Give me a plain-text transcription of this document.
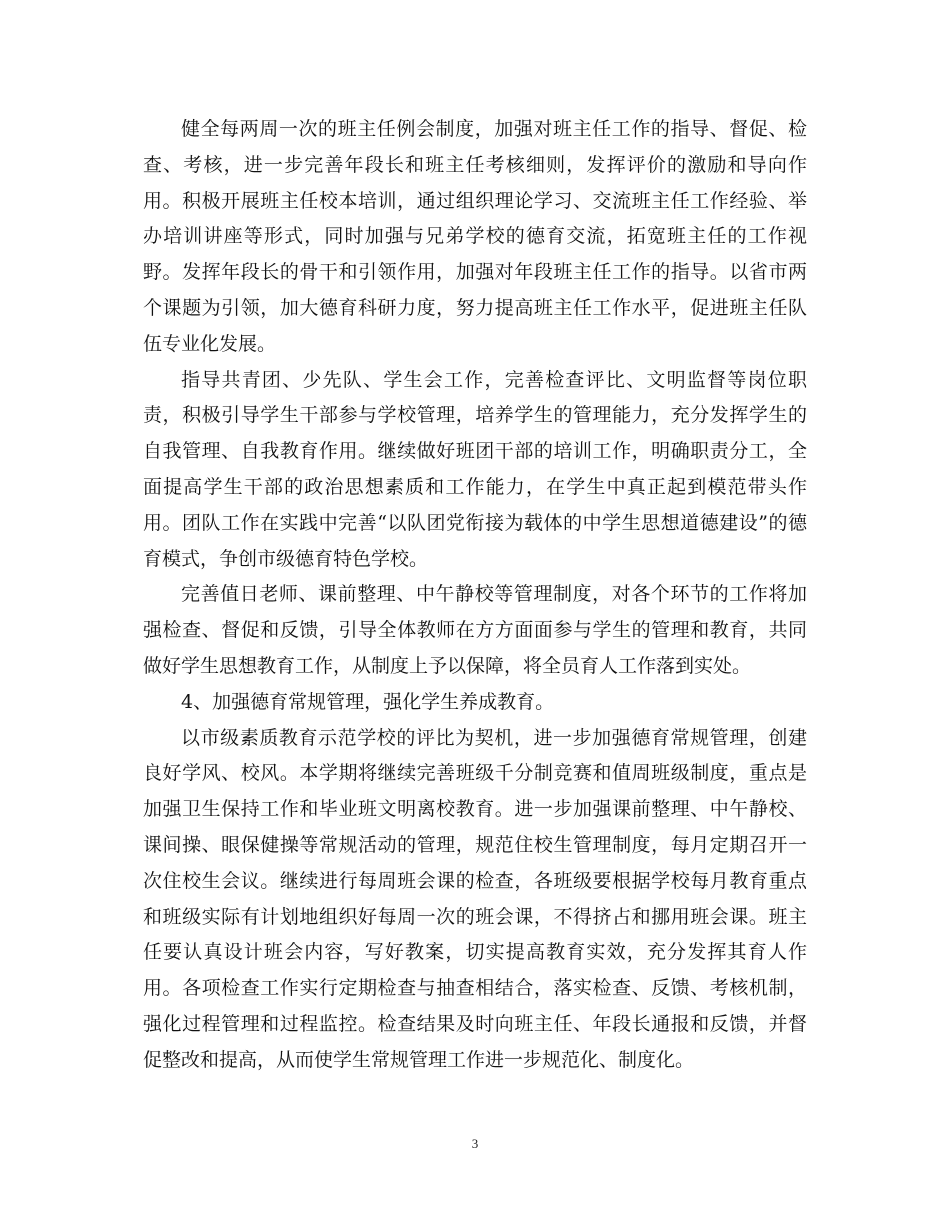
健全每两周一次的班主任例会制度，加强对班主任工作的指导、督促、检查、考核，进一步完善年段长和班主任考核细则，发挥评价的激励和导向作用。积极开展班主任校本培训，通过组织理论学习、交流班主任工作经验、举办培训讲座等形式，同时加强与兄弟学校的德育交流，拓宽班主任的工作视野。发挥年段长的骨干和引领作用，加强对年段班主任工作的指导。以省市两个课题为引领，加大德育科研力度，努力提高班主任工作水平，促进班主任队伍专业化发展。

指导共青团、少先队、学生会工作，完善检查评比、文明监督等岗位职责，积极引导学生干部参与学校管理，培养学生的管理能力，充分发挥学生的自我管理、自我教育作用。继续做好班团干部的培训工作，明确职责分工，全面提高学生干部的政治思想素质和工作能力，在学生中真正起到模范带头作用。团队工作在实践中完善“以队团党衔接为载体的中学生思想道德建设”的德育模式，争创市级德育特色学校。

完善值日老师、课前整理、中午静校等管理制度，对各个环节的工作将加强检查、督促和反馈，引导全体教师在方方面面参与学生的管理和教育，共同做好学生思想教育工作，从制度上予以保障，将全员育人工作落到实处。

4、加强德育常规管理，强化学生养成教育。

以市级素质教育示范学校的评比为契机，进一步加强德育常规管理，创建良好学风、校风。本学期将继续完善班级千分制竞赛和值周班级制度，重点是加强卫生保持工作和毕业班文明离校教育。进一步加强课前整理、中午静校、课间操、眼保健操等常规活动的管理，规范住校生管理制度，每月定期召开一次住校生会议。继续进行每周班会课的检查，各班级要根据学校每月教育重点和班级实际有计划地组织好每周一次的班会课，不得挤占和挪用班会课。班主任要认真设计班会内容，写好教案，切实提高教育实效，充分发挥其育人作用。各项检查工作实行定期检查与抽查相结合，落实检查、反馈、考核机制，强化过程管理和过程监控。检查结果及时向班主任、年段长通报和反馈，并督促整改和提高，从而使学生常规管理工作进一步规范化、制度化。

3
